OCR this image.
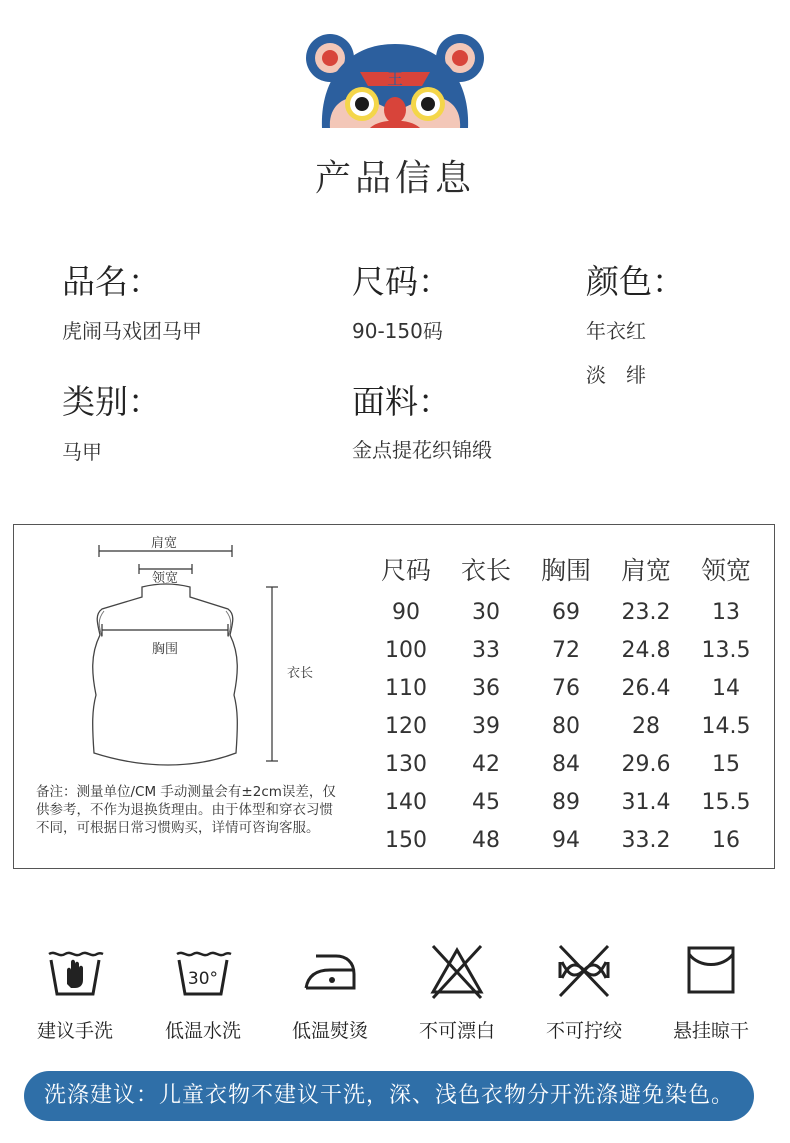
王
产品信息
品名：
虎闹马戏团马甲
尺码：
90-150码
颜色：
年衣红
淡　绯
类别：
马甲
面料：
金点提花织锦缎
肩宽
领宽
胸围
衣长
备注：测量单位/CM 手动测量会有±2cm误差，仅供参考，不作为退换货理由。由于体型和穿衣习惯不同，可根据日常习惯购买，详情可咨询客服。
尺码	衣长	胸围	肩宽	领宽
90	30	69	23.2	13
100	33	72	24.8	13.5
110	36	76	26.4	14
120	39	80	28	14.5
130	42	84	29.6	15
140	45	89	31.4	15.5
150	48	94	33.2	16
建议手洗
30°
低温水洗	低温熨烫	不可漂白	不可拧绞	悬挂晾干
洗涤建议：儿童衣物不建议干洗，深、浅色衣物分开洗涤避免染色。
